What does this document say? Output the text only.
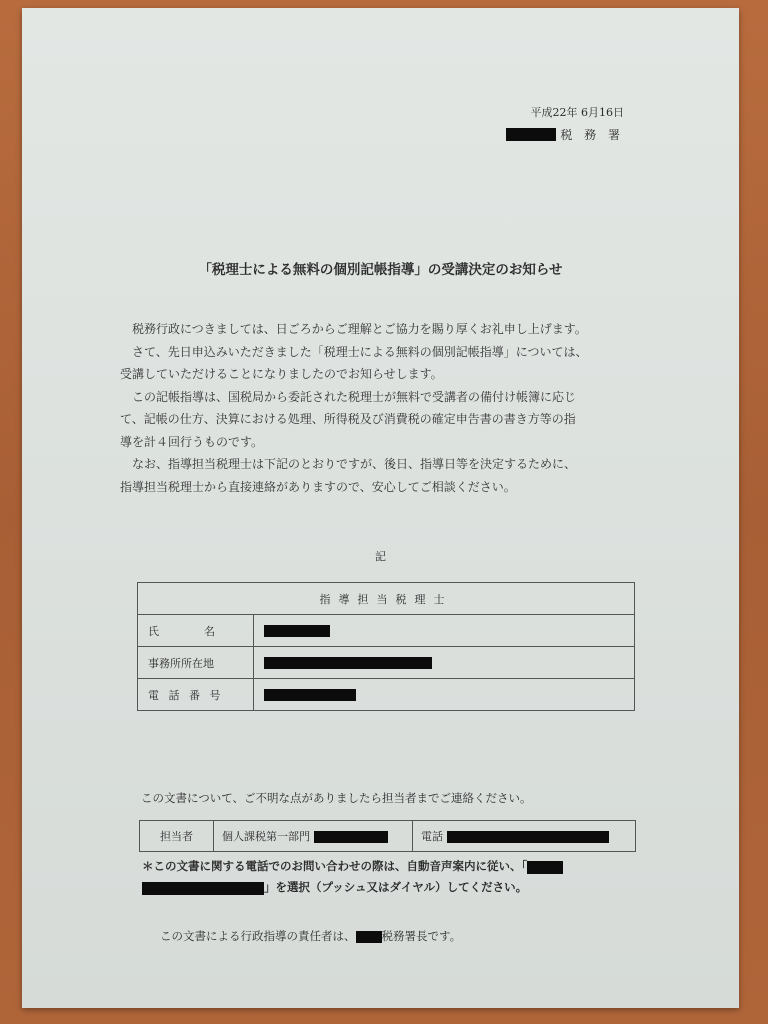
平成22年 6月16日
税 務 署
「税理士による無料の個別記帳指導」の受講決定のお知らせ

税務行政につきましては、日ごろからご理解とご協力を賜り厚くお礼申し上げます。

さて、先日申込みいただきました「税理士による無料の個別記帳指導」については、

受講していただけることになりましたのでお知らせします。

この記帳指導は、国税局から委託された税理士が無料で受講者の備付け帳簿に応じ

て、記帳の仕方、決算における処理、所得税及び消費税の確定申告書の書き方等の指

導を計４回行うものです。

なお、指導担当税理士は下記のとおりですが、後日、指導日等を決定するために、

指導担当税理士から直接連絡がありますので、安心してご相談ください。

記
指導担当税理士	
氏　　　名	
事務所所在地	
電 話 番 号	
この文書について、ご不明な点がありましたら担当者までご連絡ください。
担当者	個人課税第一部門	電話
＊この文書に関する電話でのお問い合わせの際は、自動音声案内に従い、「
」を選択（プッシュ又はダイヤル）してください。
この文書による行政指導の責任者は、 税務署長です。
